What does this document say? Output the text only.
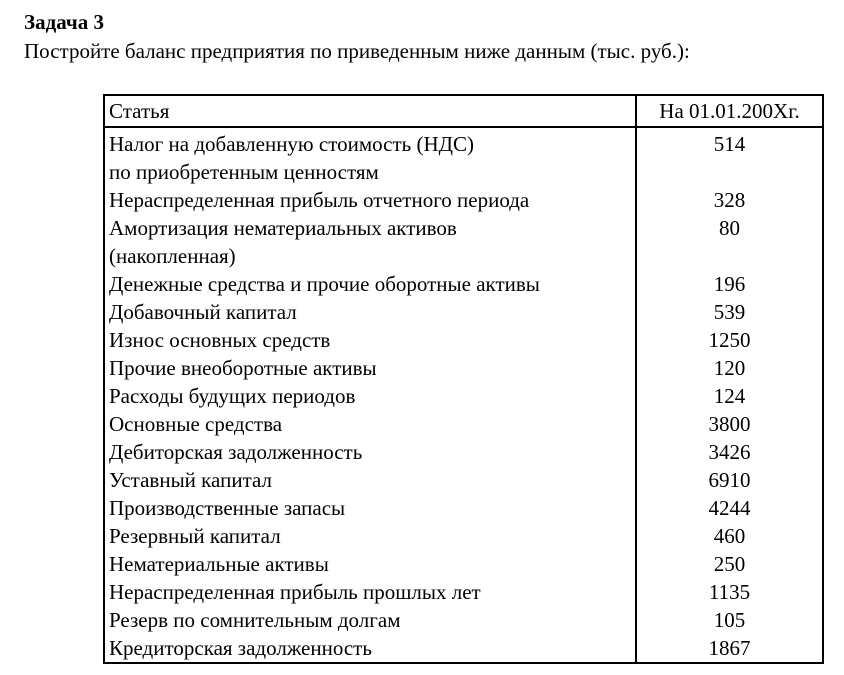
Задача 3
Постройте баланс предприятия по приведенным ниже данным (тыс. руб.):
Статья	На 01.01.200Хг.
Налог на добавленную стоимость (НДС)
по приобретенным ценностям	514
Нераспределенная прибыль отчетного периода	328
Амортизация нематериальных активов
(накопленная)	80
Денежные средства и прочие оборотные активы	196
Добавочный капитал	539
Износ основных средств	1250
Прочие внеоборотные активы	120
Расходы будущих периодов	124
Основные средства	3800
Дебиторская задолженность	3426
Уставный капитал	6910
Производственные запасы	4244
Резервный капитал	460
Нематериальные активы	250
Нераспределенная прибыль прошлых лет	1135
Резерв по сомнительным долгам	105
Кредиторская задолженность	1867
